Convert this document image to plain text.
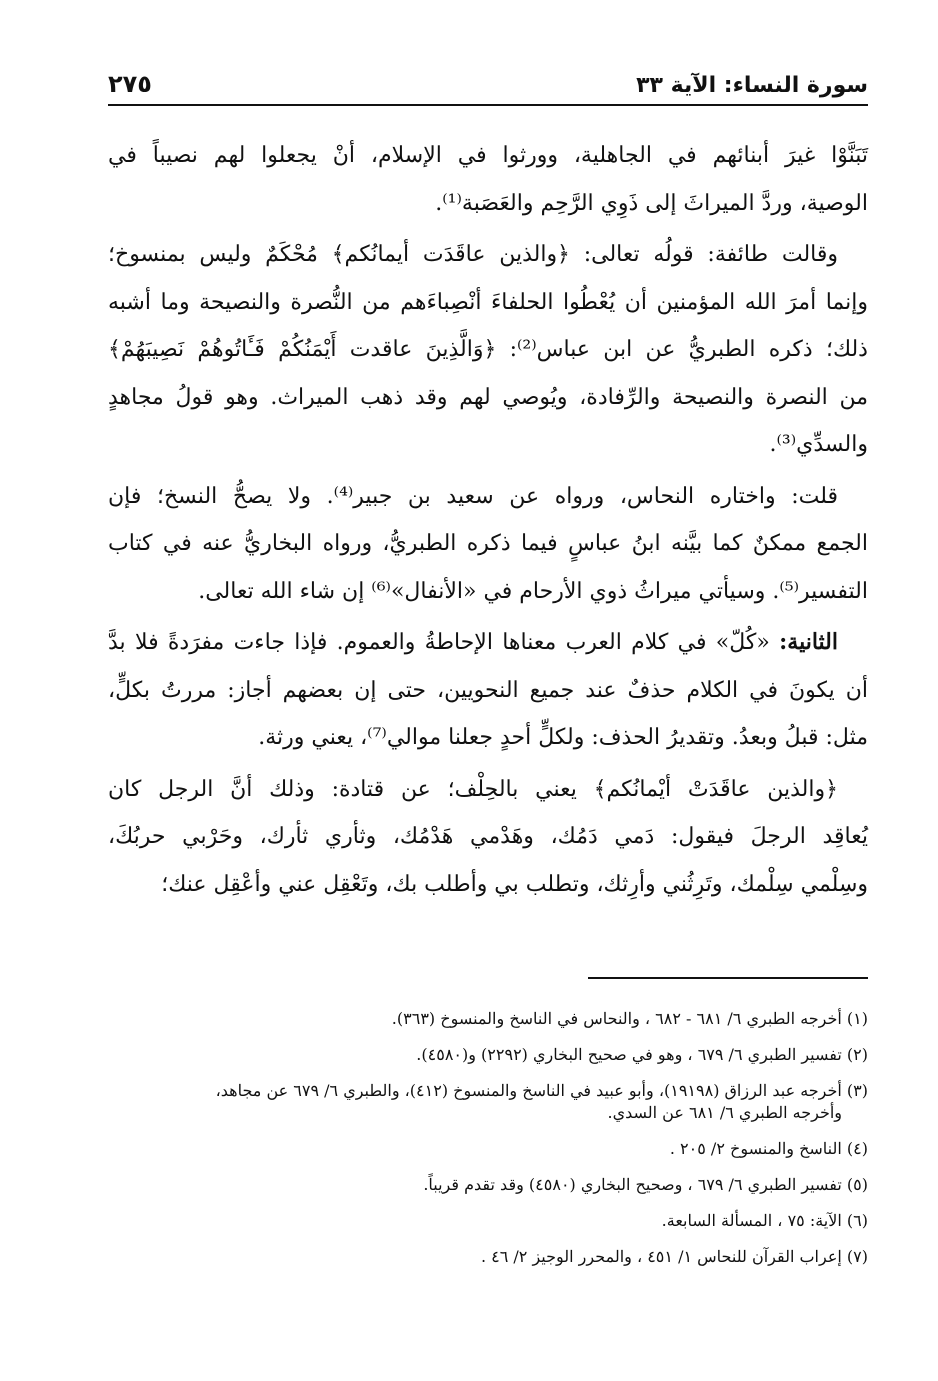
سورة النساء: الآية ٣٣
٢٧٥
تَبَنَّوْا غيرَ أبنائهم في الجاهلية، وورثوا في الإسلام، أنْ يجعلوا لهم نصيباً في
الوصية، وردَّ الميراثَ إلى ذَوِي الرَّحِم والعَصَبة⁽¹⁾.
وقالت طائفة: قولُه تعالى: ﴿والذين عاقَدَت أيمانُكم﴾ مُحْكَمٌ وليس بمنسوخ؛
وإنما أمرَ الله المؤمنين أن يُعْطُوا الحلفاءَ أنْصِباءَهم من النُّصرة والنصيحة وما أشبه
ذلك؛ ذكره الطبريُّ عن ابن عباس⁽²⁾: ﴿وَالَّذِينَ عاقدت أَيْمَنُكُمْ فَـَٔاتُوهُمْ نَصِيبَهُمْ﴾
من النصرة والنصيحة والرِّفادة، ويُوصي لهم وقد ذهب الميراث. وهو قولُ مجاهدٍ
والسدِّي⁽³⁾.
قلت: واختاره النحاس، ورواه عن سعيد بن جبير⁽⁴⁾. ولا يصحُّ النسخ؛ فإن
الجمع ممكنٌ كما بيَّنه ابنُ عباسٍ فيما ذكره الطبريُّ، ورواه البخاريُّ عنه في كتاب
التفسير⁽⁵⁾. وسيأتي ميراثُ ذوي الأرحام في «الأنفال»⁽⁶⁾ إن شاء الله تعالى.
الثانية: «كُلّ» في كلام العرب معناها الإحاطةُ والعموم. فإذا جاءت مفرَدةً فلا بدَّ
أن يكونَ في الكلام حذفٌ عند جميع النحويين، حتى إن بعضهم أجاز: مررتُ بكلٍّ،
مثل: قبلُ وبعدُ. وتقديرُ الحذف: ولكلٍّ أحدٍ جعلنا موالي⁽⁷⁾، يعني ورثة.
﴿والذين عاقَدَتْ أيْمانُكم﴾ يعني بالحِلْف؛ عن قتادة: وذلك أنَّ الرجل كان
يُعاقِد الرجلَ فيقول: دَمي دَمُك، وهَدْمي هَدْمُك، وثأري ثأرك، وحَرْبي حربُكَ،
وسِلْمي سِلْمك، وتَرِثُني وأرِثك، وتطلب بي وأطلب بك، وتَعْقِل عني وأعْقِل عنك؛
(١) أخرجه الطبري ٦/ ٦٨١ - ٦٨٢ ، والنحاس في الناسخ والمنسوخ (٣٦٣).
(٢) تفسير الطبري ٦/ ٦٧٩ ، وهو في صحيح البخاري (٢٢٩٢) و(٤٥٨٠).
(٣) أخرجه عبد الرزاق (١٩١٩٨)، وأبو عبيد في الناسخ والمنسوخ (٤١٢)، والطبري ٦/ ٦٧٩ عن مجاهد،
وأخرجه الطبري ٦/ ٦٨١ عن السدي.
(٤) الناسخ والمنسوخ ٢/ ٢٠٥ .
(٥) تفسير الطبري ٦/ ٦٧٩ ، وصحيح البخاري (٤٥٨٠) وقد تقدم قريباً.
(٦) الآية: ٧٥ ، المسألة السابعة.
(٧) إعراب القرآن للنحاس ١/ ٤٥١ ، والمحرر الوجيز ٢/ ٤٦ .
